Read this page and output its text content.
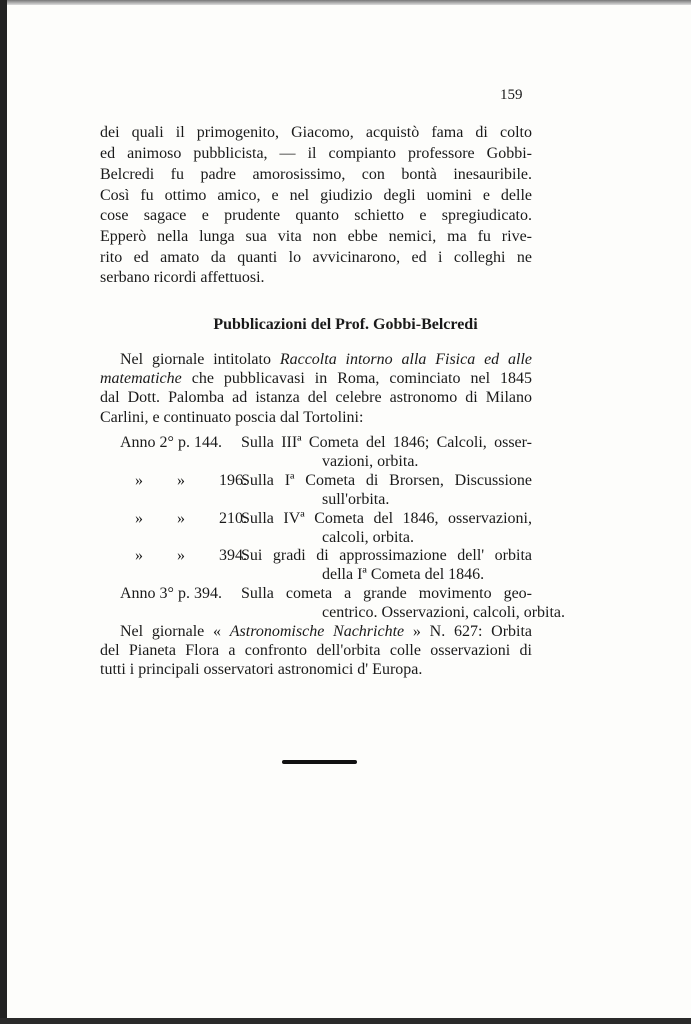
159
dei quali il primogenito, Giacomo, acquistò fama di colto
ed animoso pubblicista, — il compianto professore Gobbi-
Belcredi fu padre amorosissimo, con bontà inesauribile.
Così fu ottimo amico, e nel giudizio degli uomini e delle
cose sagace e prudente quanto schietto e spregiudicato.
Epperò nella lunga sua vita non ebbe nemici, ma fu rive-
rito ed amato da quanti lo avvicinarono, ed i colleghi ne
serbano ricordi affettuosi.
Pubblicazioni del Prof. Gobbi-Belcredi
Nel giornale intitolato Raccolta intorno alla Fisica ed alle
matematiche che pubblicavasi in Roma, cominciato nel 1845
dal Dott. Palomba ad istanza del celebre astronomo di Milano
Carlini, e continuato poscia dal Tortolini:
Anno 2° p. 144.	Sulla IIIª Cometa del 1846; Calcoli, osser-
vazioni, orbita.
» » 196.
Sulla Iª Cometa di Brorsen, Discussione
sull'orbita.
» » 210.
Sulla IVª Cometa del 1846, osservazioni,
calcoli, orbita.
» » 394.
Sui gradi di approssimazione dell' orbita
della Iª Cometa del 1846.
Anno 3° p. 394.	Sulla cometa a grande movimento geo-
centrico. Osservazioni, calcoli, orbita.
Nel giornale « Astronomische Nachrichte » N. 627: Orbita
del Pianeta Flora a confronto dell'orbita colle osservazioni di
tutti i principali osservatori astronomici d' Europa.
